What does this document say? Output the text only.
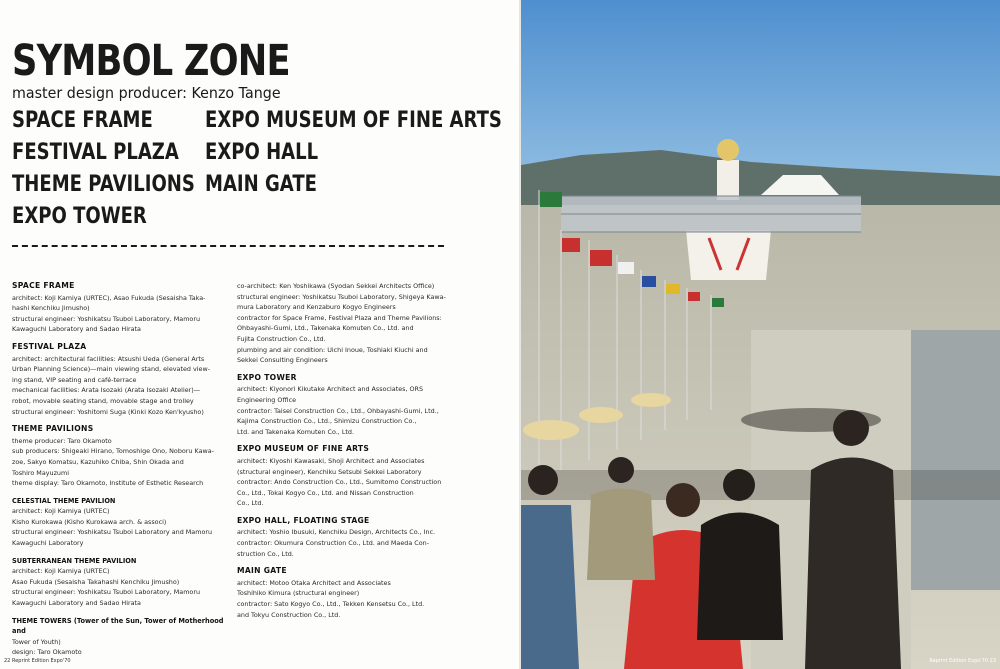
SYMBOL ZONE
master design producer: Kenzo Tange
SPACE FRAME
FESTIVAL PLAZA
THEME PAVILIONS
EXPO TOWER
EXPO MUSEUM OF FINE ARTS
EXPO HALL
MAIN GATE
SPACE FRAME
architect: Koji Kamiya (URTEC), Asao Fukuda (Sesaisha Taka-
hashi Kenchiku Jimusho)
structural engineer: Yoshikatsu Tsuboi Laboratory, Mamoru
Kawaguchi Laboratory and Sadao Hirata
FESTIVAL PLAZA
architect: architectural facilities: Atsushi Ueda (General Arts
Urban Planning Science)—main viewing stand, elevated view-
ing stand, VIP seating and café-terrace
mechanical facilities: Arata Isozaki (Arata Isozaki Atelier)—
robot, movable seating stand, movable stage and trolley
structural engineer: Yoshitomi Suga (Kinki Kozo Ken'kyusho)
THEME PAVILIONS
theme producer: Taro Okamoto
sub producers: Shigeaki Hirano, Tomoshige Ono, Noboru Kawa-
zoe, Sakyo Komatsu, Kazuhiko Chiba, Shin Okada and
Toshiro Mayuzumi
theme display: Taro Okamoto, Institute of Esthetic Research
CELESTIAL THEME PAVILION
architect: Koji Kamiya (URTEC)
Kisho Kurokawa (Kisho Kurokawa arch. & associ)
structural engineer: Yoshikatsu Tsuboi Laboratory and Mamoru
Kawaguchi Laboratory
SUBTERRANEAN THEME PAVILION
architect: Koji Kamiya (URTEC)
Asao Fukuda (Sesaisha Takahashi Kenchiku Jimusho)
structural engineer: Yoshikatsu Tsuboi Laboratory, Mamoru
Kawaguchi Laboratory and Sadao Hirata
THEME TOWERS (Tower of the Sun, Tower of Motherhood and
Tower of Youth)
design: Taro Okamoto
co-architect: Ken Yoshikawa (Syodan Sekkei Architects Office)
structural engineer: Yoshikatsu Tsuboi Laboratory, Shigeya Kawa-
mura Laboratory and Kenzaburo Kogyo Engineers
contractor for Space Frame, Festival Plaza and Theme Pavilions:
Ohbayashi-Gumi, Ltd., Takenaka Komuten Co., Ltd. and
Fujita Construction Co., Ltd.
plumbing and air condition: Uichi Inoue, Toshiaki Kiuchi and
Sekkei Consulting Engineers
EXPO TOWER
architect: Kiyonori Kikutake Architect and Associates, ORS
Engineering Office
contractor: Taisei Construction Co., Ltd., Ohbayashi-Gumi, Ltd.,
Kajima Construction Co., Ltd., Shimizu Construction Co.,
Ltd. and Takenaka Komuten Co., Ltd.
EXPO MUSEUM OF FINE ARTS
architect: Kiyoshi Kawasaki, Shoji Architect and Associates
(structural engineer), Kenchiku Setsubi Sekkei Laboratory
contractor: Ando Construction Co., Ltd., Sumitomo Construction
Co., Ltd., Tokai Kogyo Co., Ltd. and Nissan Construction
Co., Ltd.
EXPO HALL, FLOATING STAGE
architect: Yoshio Ibusuki, Kenchiku Design, Architects Co., Inc.
contractor: Okumura Construction Co., Ltd. and Maeda Con-
struction Co., Ltd.
MAIN GATE
architect: Motoo Otaka Architect and Associates
Toshihiko Kimura (structural engineer)
contractor: Sato Kogyo Co., Ltd., Tekken Kensetsu Co., Ltd.
and Tokyu Construction Co., Ltd.
22 Reprint Edition Expo'70	Reprint Edition Expo'70 23
